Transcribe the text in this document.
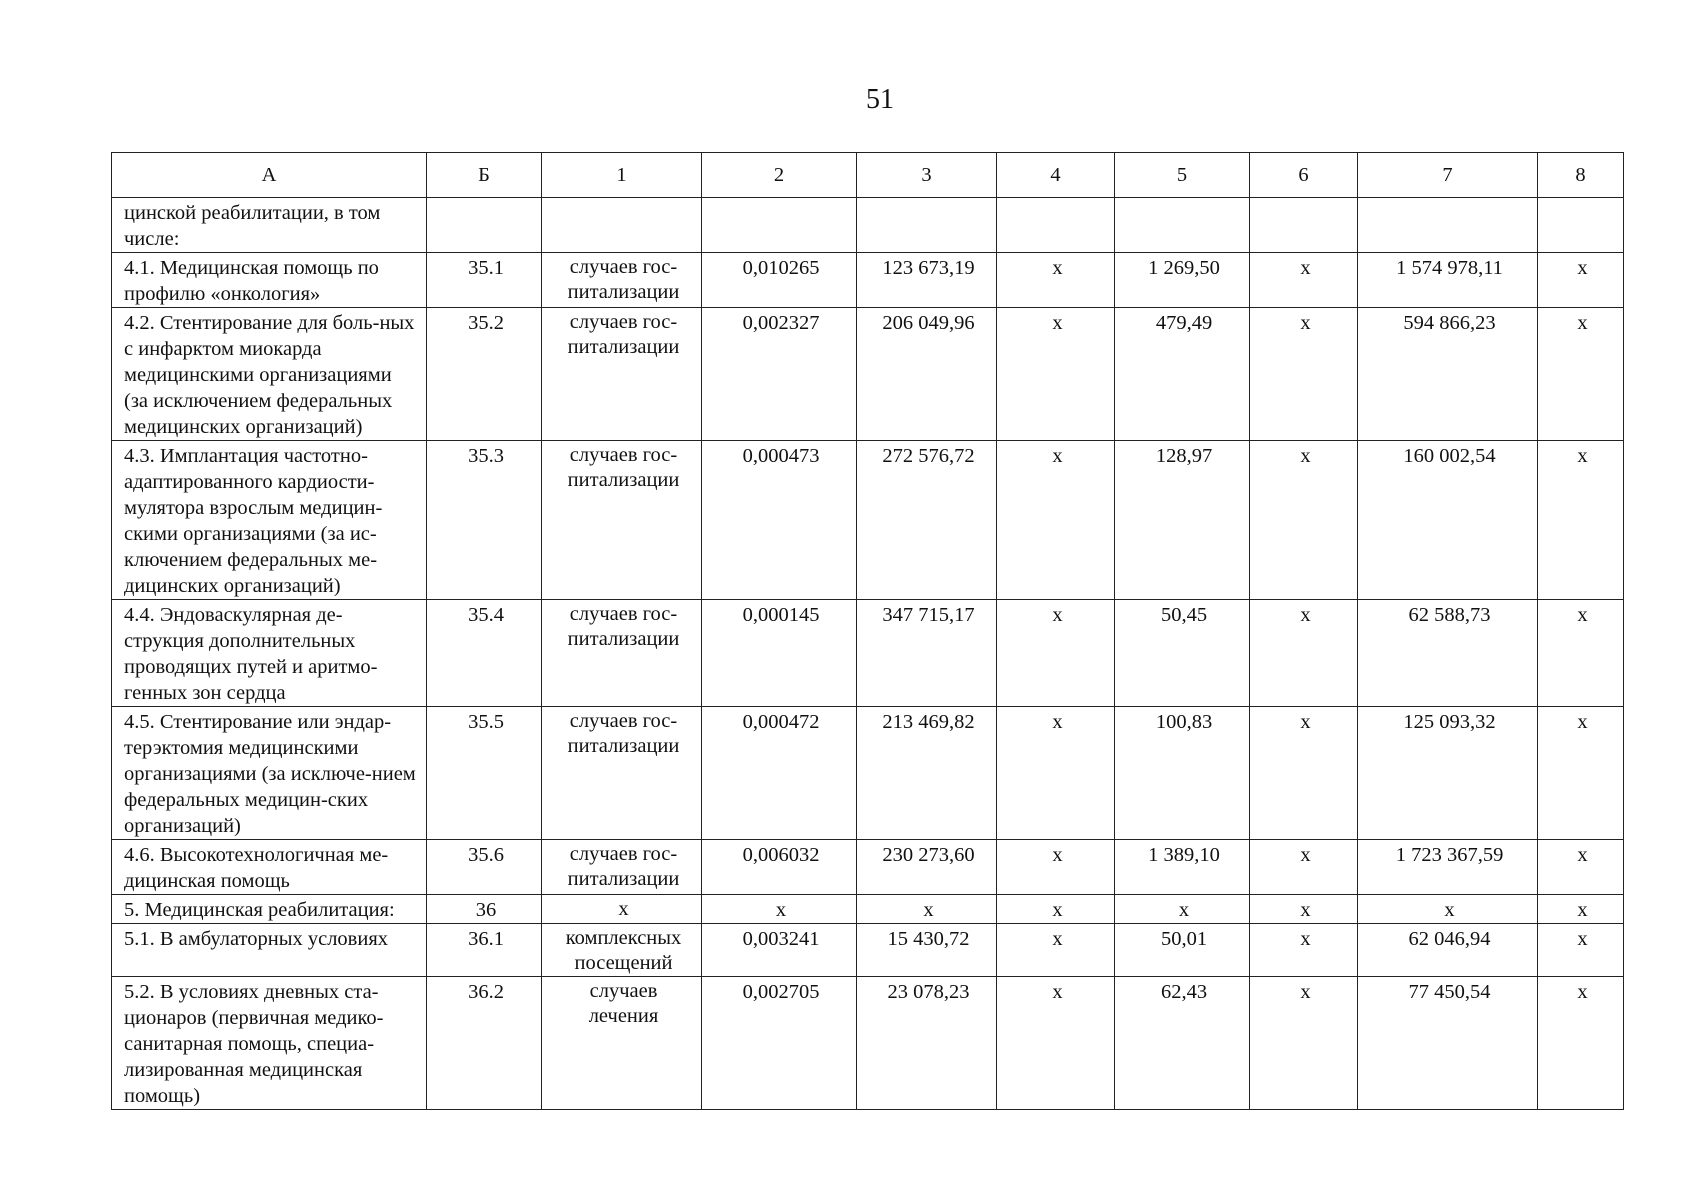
51
А	Б	1	2	3	4	5	6	7	8
цинской реабилитации, в том числе:									
4.1. Медицинская помощь по профилю «онкология»	35.1	случаев гос-питализации	0,010265	123 673,19	х	1 269,50	х	1 574 978,11	х
4.2. Стентирование для боль-ных с инфарктом миокарда медицинскими организациями (за исключением федеральных медицинских организаций)	35.2	случаев гос-питализации	0,002327	206 049,96	х	479,49	х	594 866,23	х
4.3. Имплантация частотно-адаптированного кардиости-мулятора взрослым медицин-скими организациями (за ис-ключением федеральных ме-дицинских организаций)	35.3	случаев гос-питализации	0,000473	272 576,72	х	128,97	х	160 002,54	х
4.4. Эндоваскулярная де-струкция дополнительных проводящих путей и аритмо-генных зон сердца	35.4	случаев гос-питализации	0,000145	347 715,17	х	50,45	х	62 588,73	х
4.5. Стентирование или эндар-терэктомия медицинскими организациями (за исключе-нием федеральных медицин-ских организаций)	35.5	случаев гос-питализации	0,000472	213 469,82	х	100,83	х	125 093,32	х
4.6. Высокотехнологичная ме-дицинская помощь	35.6	случаев гос-питализации	0,006032	230 273,60	х	1 389,10	х	1 723 367,59	х
5. Медицинская реабилитация:	36	х	х	х	х	х	х	х	х
5.1. В амбулаторных условиях	36.1	комплексных посещений	0,003241	15 430,72	х	50,01	х	62 046,94	х
5.2. В условиях дневных ста-ционаров (первичная медико-санитарная помощь, специа-лизированная медицинская помощь)	36.2	случаев лечения	0,002705	23 078,23	х	62,43	х	77 450,54	х
